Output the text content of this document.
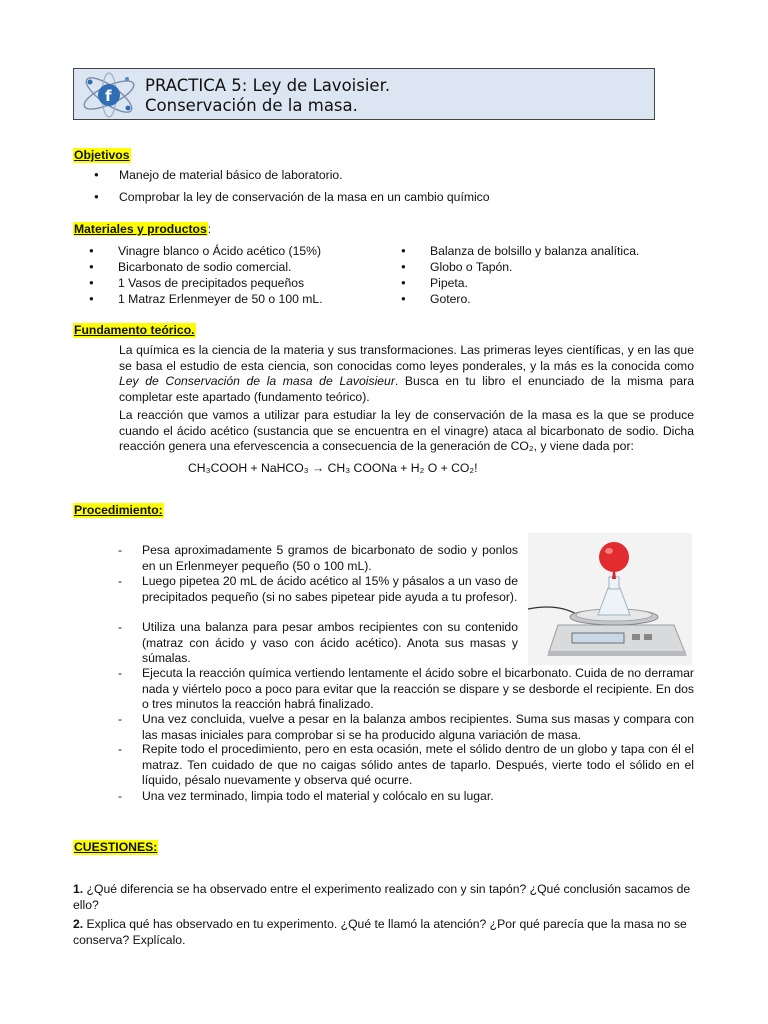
f
PRACTICA 5: Ley de Lavoisier.
Conservación de la masa.
Objetivos
● Manejo de material básico de laboratorio.
● Comprobar la ley de conservación de la masa en un cambio químico
Materiales y productos:
● Vinagre blanco o Ácido acético (15%)
● Bicarbonato de sodio comercial.
● 1 Vasos de precipitados pequeños
● 1 Matraz Erlenmeyer de 50 o 100 mL.
● Balanza de bolsillo y balanza analítica.
● Globo o Tapón.
● Pipeta.
● Gotero.
Fundamento teórico.
La química es la ciencia de la materia y sus transformaciones. Las primeras leyes científicas, y en las que se basa el estudio de esta ciencia, son conocidas como leyes ponderales, y la más es la conocida como Ley de Conservación de la masa de Lavoisieur. Busca en tu libro el enunciado de la misma para completar este apartado (fundamento teórico).
La reacción que vamos a utilizar para estudiar la ley de conservación de la masa es la que se produce cuando el ácido acético (sustancia que se encuentra en el vinagre) ataca al bicarbonato de sodio. Dicha reacción genera una efervescencia a consecuencia de la generación de CO₂, y viene dada por:
CH₃COOH + NaHCO₃ → CH₃ COONa + H₂ O + CO₂!
Procedimiento:
- Pesa aproximadamente 5 gramos de bicarbonato de sodio y ponlos en un Erlenmeyer pequeño (50 o 100 mL).
- Luego pipetea 20 mL de ácido acético al 15% y pásalos a un vaso de precipitados pequeño (si no sabes pipetear pide ayuda a tu profesor).
- Utiliza una balanza para pesar ambos recipientes con su contenido (matraz con ácido y vaso con ácido acético). Anota sus masas y súmalas.
- Ejecuta la reacción química vertiendo lentamente el ácido sobre el bicarbonato. Cuida de no derramar nada y viértelo poco a poco para evitar que la reacción se dispare y se desborde el recipiente. En dos o tres minutos la reacción habrá finalizado.
- Una vez concluida, vuelve a pesar en la balanza ambos recipientes. Suma sus masas y compara con las masas iniciales para comprobar si se ha producido alguna variación de masa.
- Repite todo el procedimiento, pero en esta ocasión, mete el sólido dentro de un globo y tapa con él el matraz. Ten cuidado de que no caigas sólido antes de taparlo. Después, vierte todo el sólido en el líquido, pésalo nuevamente y observa qué ocurre.
- Una vez terminado, limpia todo el material y colócalo en su lugar.
CUESTIONES:
1. ¿Qué diferencia se ha observado entre el experimento realizado con y sin tapón? ¿Qué conclusión sacamos de ello?
2. Explica qué has observado en tu experimento. ¿Qué te llamó la atención? ¿Por qué parecía que la masa no se conserva? Explícalo.
